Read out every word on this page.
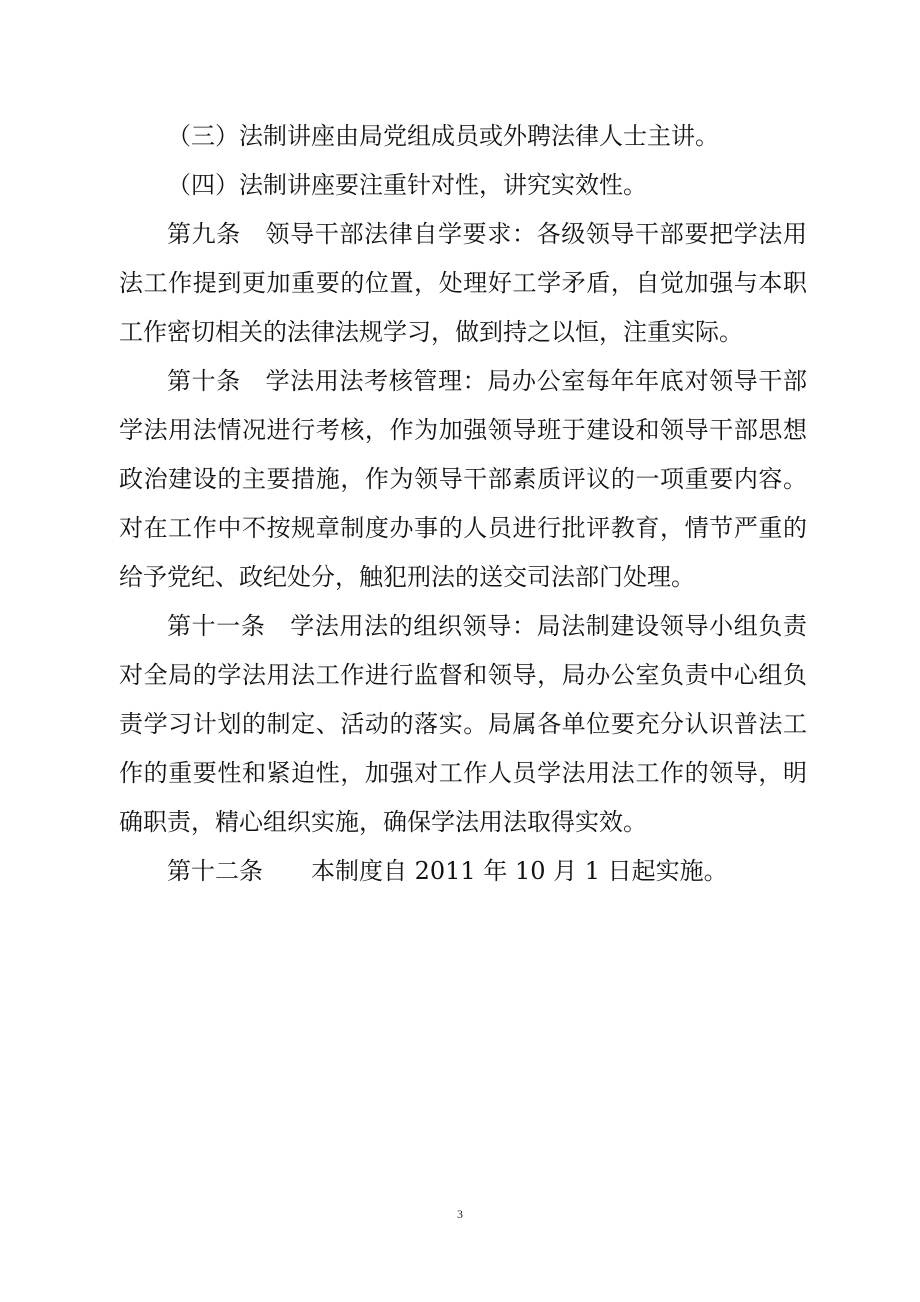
（三）法制讲座由局党组成员或外聘法律人士主讲。

（四）法制讲座要注重针对性，讲究实效性。

第九条　领导干部法律自学要求：各级领导干部要把学法用法工作提到更加重要的位置，处理好工学矛盾，自觉加强与本职工作密切相关的法律法规学习，做到持之以恒，注重实际。

第十条　学法用法考核管理：局办公室每年年底对领导干部学法用法情况进行考核，作为加强领导班于建设和领导干部思想政治建设的主要措施，作为领导干部素质评议的一项重要内容。对在工作中不按规章制度办事的人员进行批评教育，情节严重的给予党纪、政纪处分，触犯刑法的送交司法部门处理。

第十一条　学法用法的组织领导：局法制建设领导小组负责对全局的学法用法工作进行监督和领导，局办公室负责中心组负责学习计划的制定、活动的落实。局属各单位要充分认识普法工作的重要性和紧迫性，加强对工作人员学法用法工作的领导，明确职责，精心组织实施，确保学法用法取得实效。

第十二条　　本制度自 2011 年 10 月 1 日起实施。

3
